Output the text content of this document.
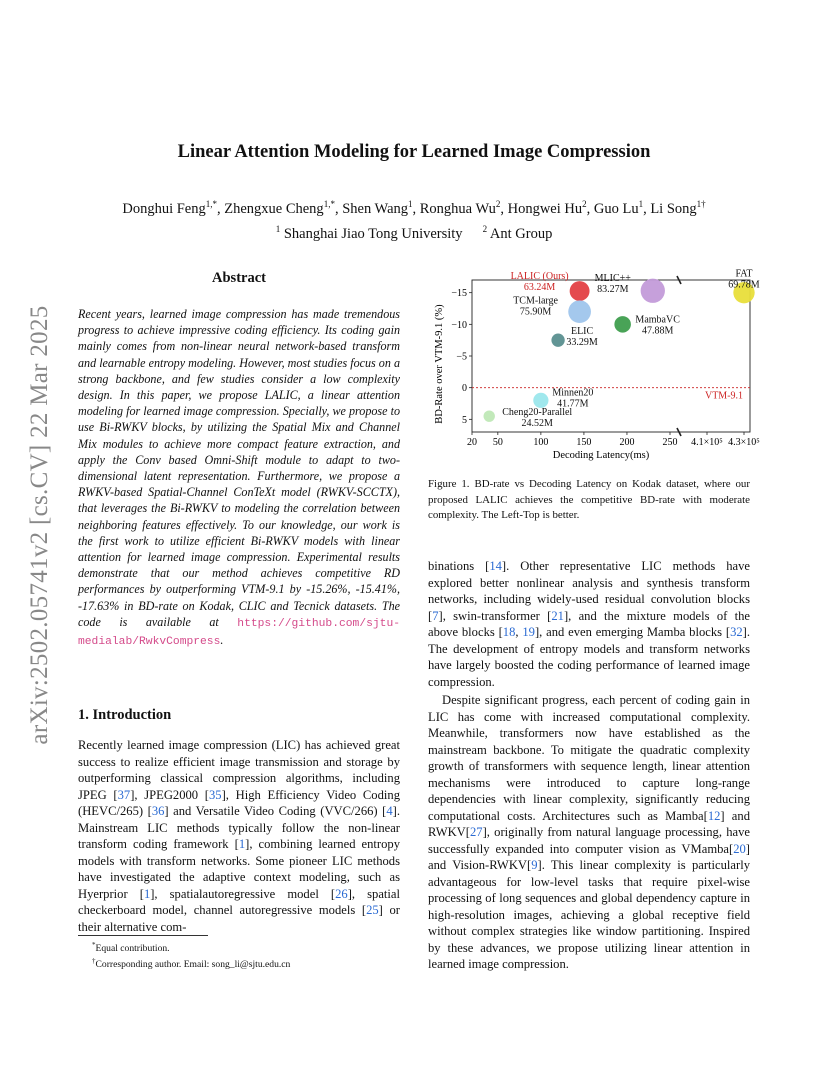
arXiv:2502.05741v2 [cs.CV] 22 Mar 2025
Linear Attention Modeling for Learned Image Compression
Donghui Feng$^{1,*}$, Zhengxue Cheng$^{1,*}$, Shen Wang$^1$, Ronghua Wu$^2$, Hongwei Hu$^2$, Guo Lu$^1$, Li Song$^{1\dagger}$
$^1$ Shanghai Jiao Tong University $^2$ Ant Group
Abstract
Recent years, learned image compression has made tremendous progress to achieve impressive coding efficiency. Its coding gain mainly comes from non-linear neural network-based transform and learnable entropy modeling. However, most studies focus on a strong backbone, and few studies consider a low complexity design. In this paper, we propose LALIC, a linear attention modeling for learned image compression. Specially, we propose to use Bi-RWKV blocks, by utilizing the Spatial Mix and Channel Mix modules to achieve more compact feature extraction, and apply the Conv based Omni-Shift module to adapt to two-dimensional latent representation. Furthermore, we propose a RWKV-based Spatial-Channel ConTeXt model (RWKV-SCCTX), that leverages the Bi-RWKV to modeling the correlation between neighboring features effectively. To our knowledge, our work is the first work to utilize efficient Bi-RWKV models with linear attention for learned image compression. Experimental results demonstrate that our method achieves competitive RD performances by outperforming VTM-9.1 by -15.26%, -15.41%, -17.63% in BD-rate on Kodak, CLIC and Tecnick datasets. The code is available at https://github.com/sjtu-medialab/RwkvCompress.
1. Introduction
Recently learned image compression (LIC) has achieved great success to realize efficient image transmission and storage by outperforming classical compression algorithms, including JPEG [37], JPEG2000 [35], High Efficiency Video Coding (HEVC/265) [36] and Versatile Video Coding (VVC/266) [4]. Mainstream LIC methods typically follow the non-linear transform coding framework [1], combining learned entropy models with transform networks. Some pioneer LIC methods have investigated the adaptive context modeling, such as Hyerprior [1], spatialautoregressive model [26], spatial checkerboard model, channel autoregressive models [25] or their alternative com-
*Equal contribution.
†Corresponding author. Email: song_li@sjtu.edu.cn
20 50	100	150	200	250 4.1×10⁵ 4.3×10⁵
−15
−10
−5
0
5
Decoding Latency(ms)
BD-Rate over VTM-9.1 (%)	VTM-9.1
LALIC (Ours)
63.24M
TCM-large
75.90M
ELIC
33.29M
MLIC++
83.27M
MambaVC
47.88M
FAT
69.78M
Minnen20
41.77M
Cheng20-Parallel
24.52M
Figure 1. BD-rate vs Decoding Latency on Kodak dataset, where our proposed LALIC achieves the competitive BD-rate with moderate complexity. The Left-Top is better.
binations [14]. Other representative LIC methods have explored better nonlinear analysis and synthesis transform networks, including widely-used residual convolution blocks [7], swin-transformer [21], and the mixture models of the above blocks [18, 19], and even emerging Mamba blocks [32]. The development of entropy models and transform networks have largely boosted the coding performance of learned image compression.
Despite significant progress, each percent of coding gain in LIC has come with increased computational complexity. Meanwhile, transformers now have established as the mainstream backbone. To mitigate the quadratic complexity growth of transformers with sequence length, linear attention mechanisms were introduced to capture long-range dependencies with linear complexity, significantly reducing computational costs. Architectures such as Mamba[12] and RWKV[27], originally from natural language processing, have successfully expanded into computer vision as VMamba[20] and Vision-RWKV[9]. This linear complexity is particularly advantageous for low-level tasks that require pixel-wise processing of long sequences and global dependency capture in high-resolution images, achieving a global receptive field without complex strategies like window partitioning. Inspired by these advances, we propose utilizing linear attention in learned image compression.
